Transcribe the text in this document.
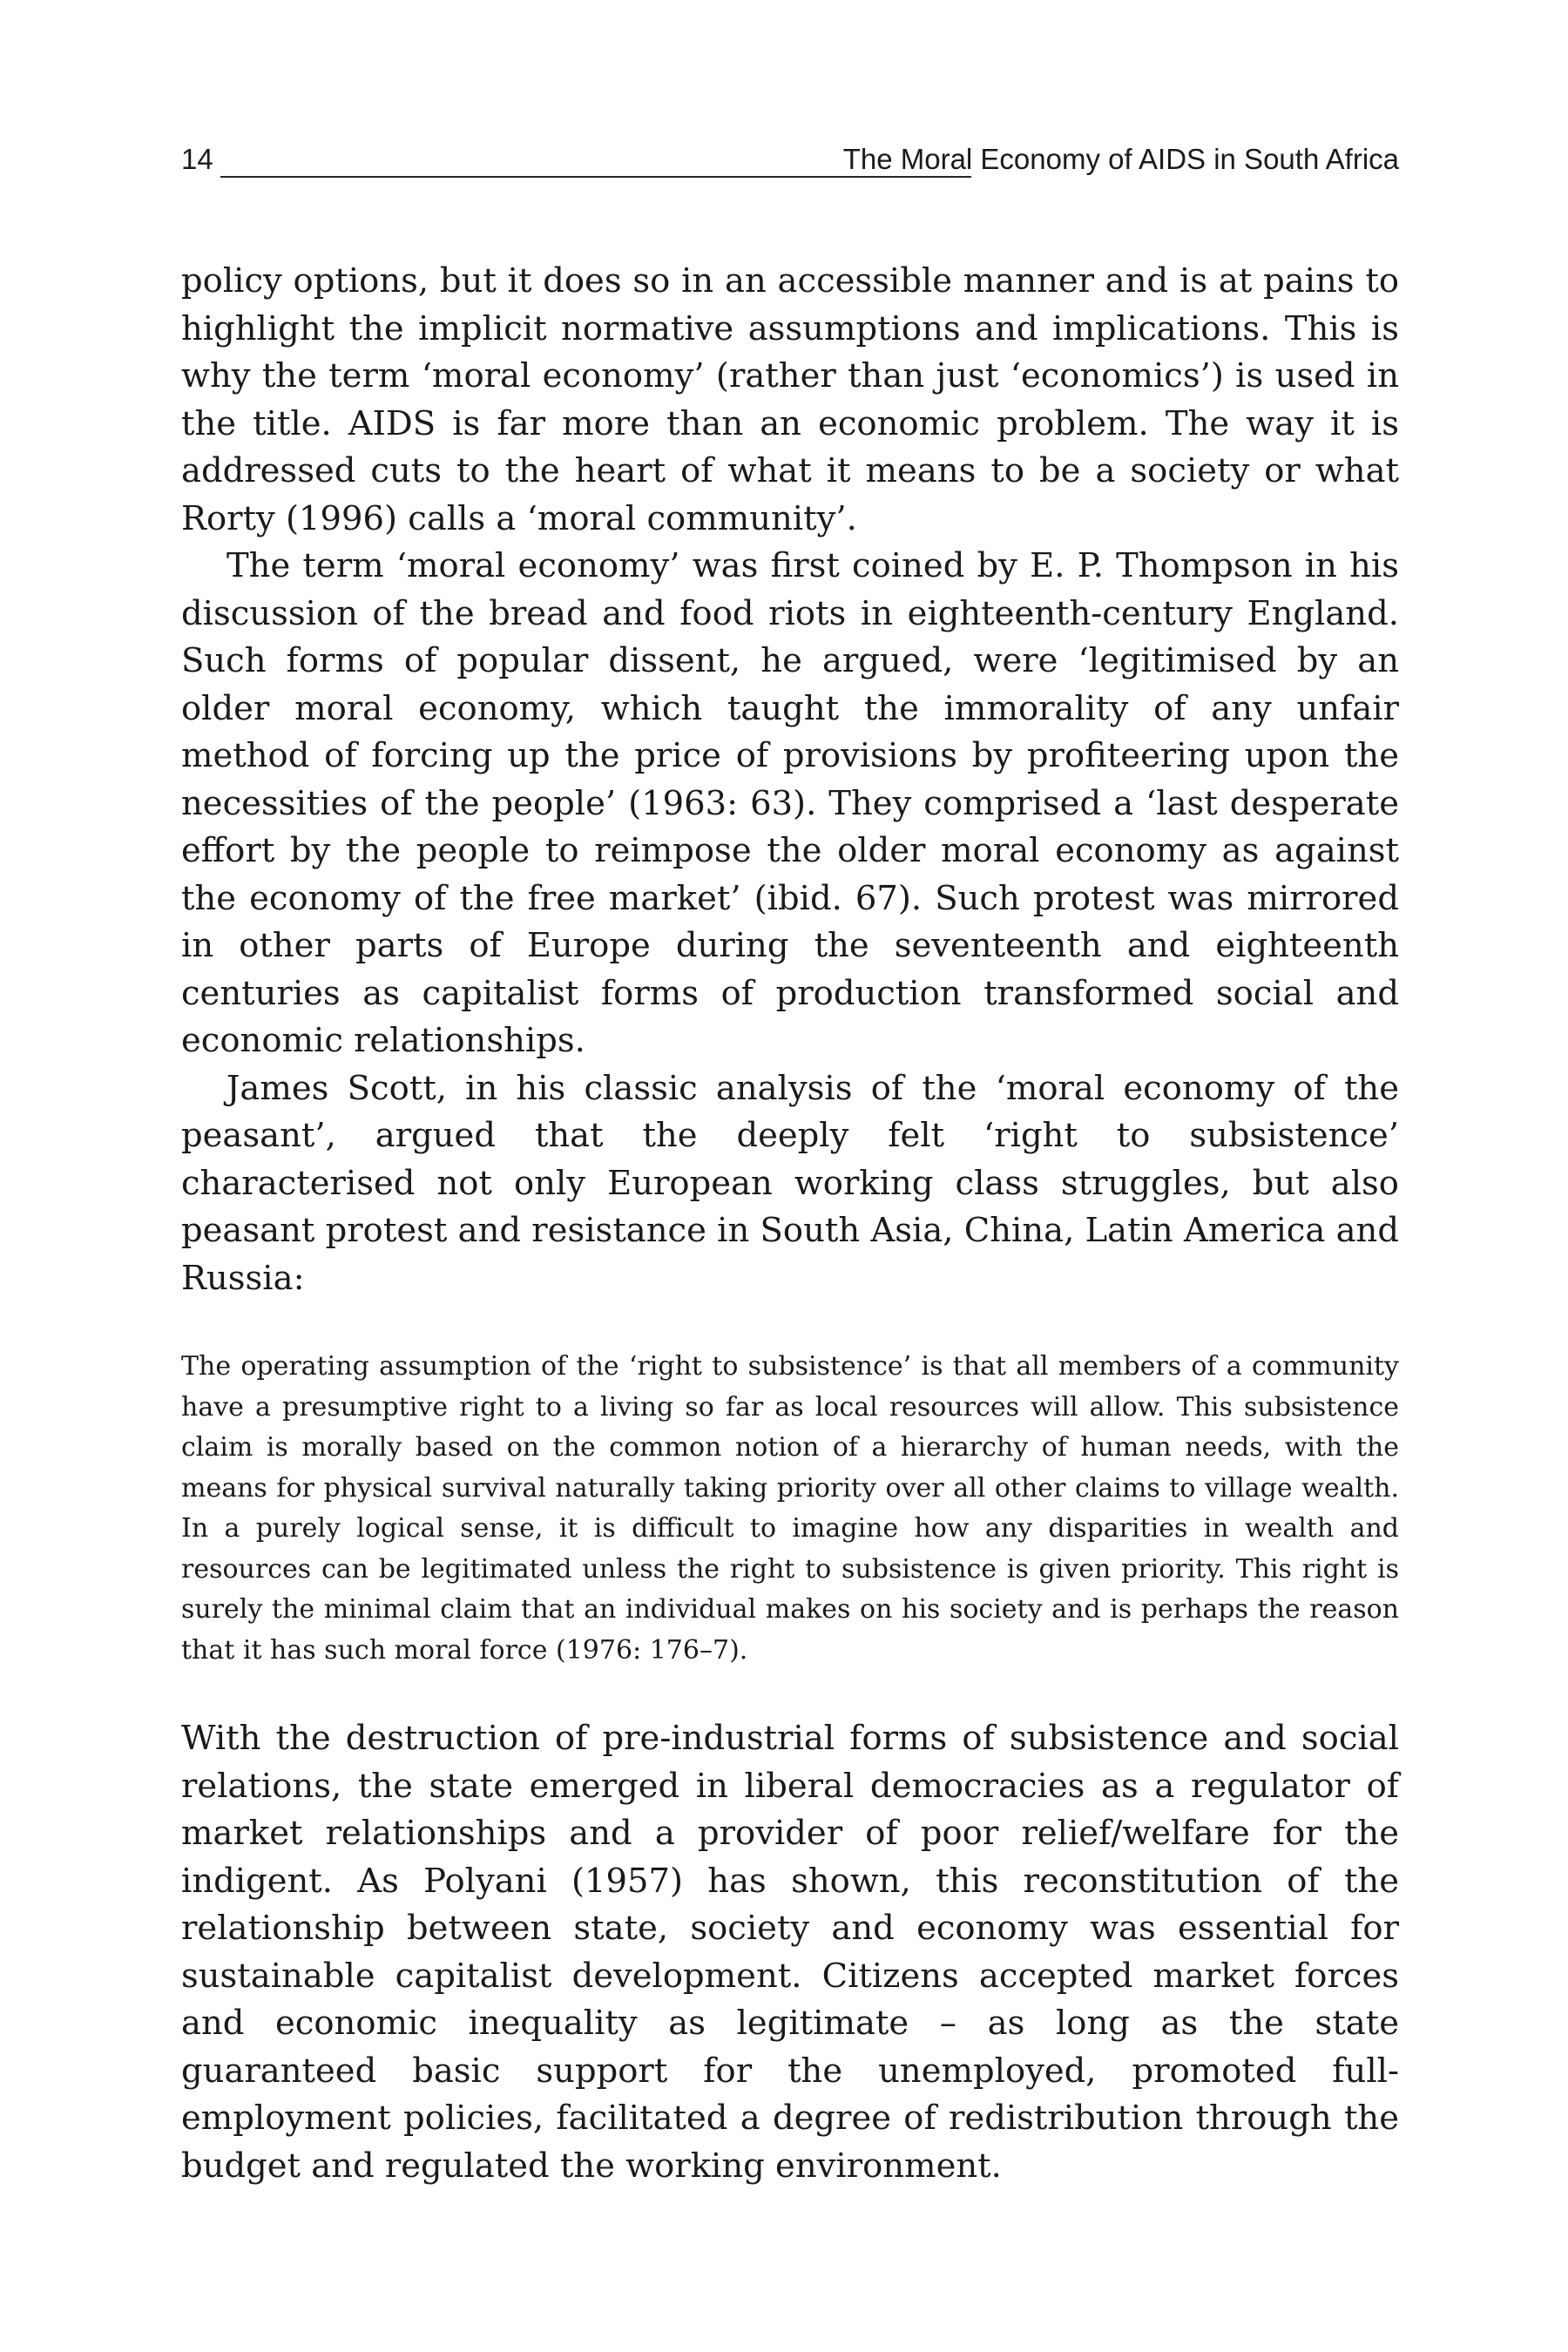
14	The Moral Economy of AIDS in South Africa

policy options, but it does so in an accessible manner and is at pains to highlight the implicit normative assumptions and implications. This is why the term ‘moral economy’ (rather than just ‘economics’) is used in the title. AIDS is far more than an economic problem. The way it is addressed cuts to the heart of what it means to be a society or what Rorty (1996) calls a ‘moral community’.

The term ‘moral economy’ was first coined by E. P. Thompson in his discussion of the bread and food riots in eighteenth-century England. Such forms of popular dissent, he argued, were ‘legitimised by an older moral economy, which taught the immorality of any unfair method of forcing up the price of provisions by profiteering upon the necessities of the people’ (1963: 63). They comprised a ‘last desperate effort by the people to reimpose the older moral economy as against the economy of the free market’ (ibid. 67). Such protest was mirrored in other parts of Europe during the seventeenth and eighteenth centuries as capitalist forms of production transformed social and economic relationships.

James Scott, in his classic analysis of the ‘moral economy of the peasant’, argued that the deeply felt ‘right to subsistence’ characterised not only European working class struggles, but also peasant protest and resistance in South Asia, China, Latin America and Russia:

The operating assumption of the ‘right to subsistence’ is that all members of a community have a presumptive right to a living so far as local resources will allow. This subsistence claim is morally based on the common notion of a hierarchy of human needs, with the means for physical survival naturally taking priority over all other claims to village wealth. In a purely logical sense, it is difficult to imagine how any disparities in wealth and resources can be legitimated unless the right to subsistence is given priority. This right is surely the minimal claim that an individual makes on his society and is perhaps the reason that it has such moral force (1976: 176–7).

With the destruction of pre-industrial forms of subsistence and social relations, the state emerged in liberal democracies as a regulator of market relationships and a provider of poor relief/welfare for the indigent. As Polyani (1957) has shown, this reconstitution of the relationship between state, society and economy was essential for sustainable capitalist development. Citizens accepted market forces and economic inequality as legitimate – as long as the state guaranteed basic support for the unemployed, promoted full-employment policies, facilitated a degree of redistribution through the budget and regulated the working environment.
